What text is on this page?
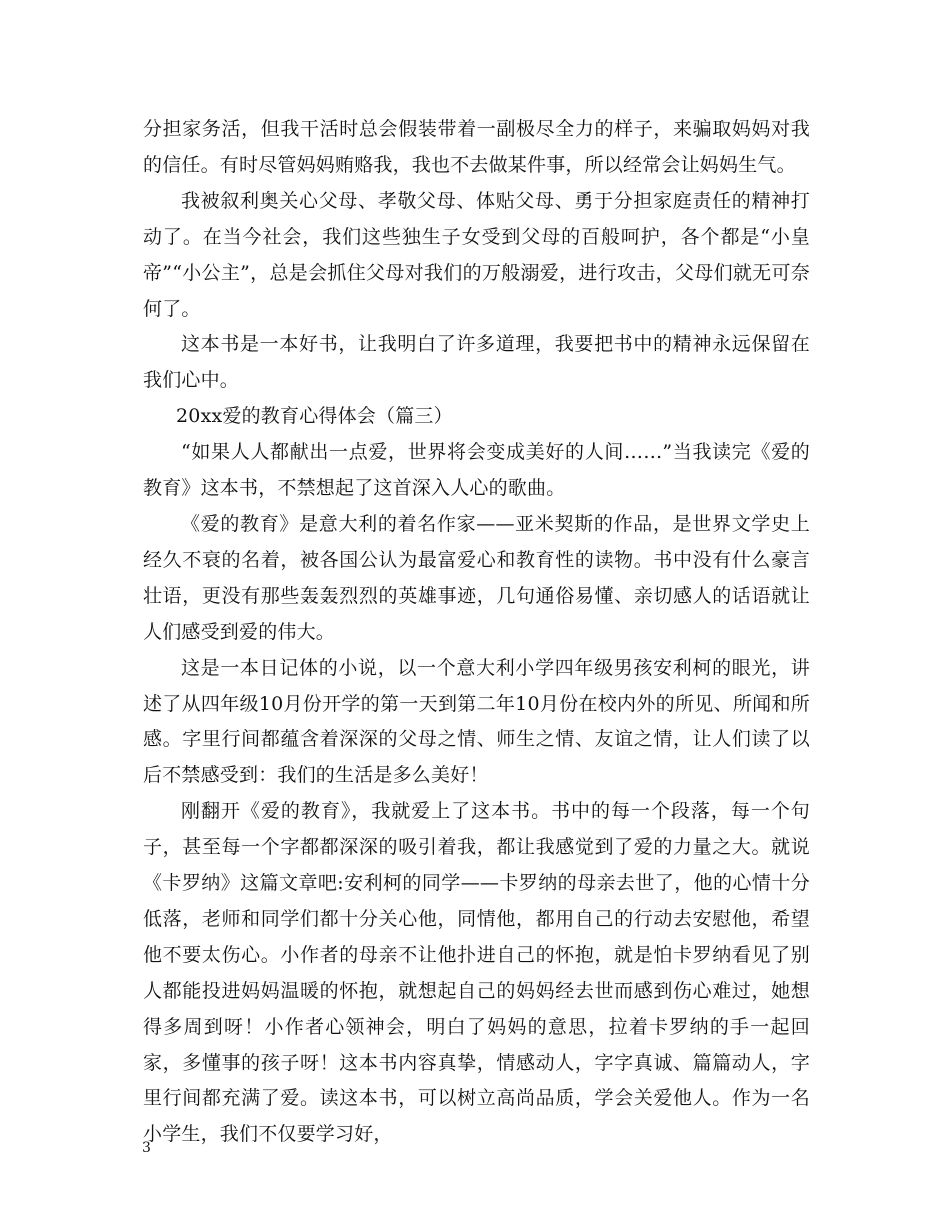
分担家务活，但我干活时总会假装带着一副极尽全力的样子，来骗取妈妈对我的信任。有时尽管妈妈贿赂我，我也不去做某件事，所以经常会让妈妈生气。

我被叙利奥关心父母、孝敬父母、体贴父母、勇于分担家庭责任的精神打动了。在当今社会，我们这些独生子女受到父母的百般呵护，各个都是“小皇帝”“小公主”，总是会抓住父母对我们的万般溺爱，进行攻击，父母们就无可奈何了。

这本书是一本好书，让我明白了许多道理，我要把书中的精神永远保留在我们心中。

20xx爱的教育心得体会（篇三）

“如果人人都献出一点爱，世界将会变成美好的人间……”当我读完《爱的教育》这本书，不禁想起了这首深入人心的歌曲。

《爱的教育》是意大利的着名作家——亚米契斯的作品，是世界文学史上经久不衰的名着，被各国公认为最富爱心和教育性的读物。书中没有什么豪言壮语，更没有那些轰轰烈烈的英雄事迹，几句通俗易懂、亲切感人的话语就让人们感受到爱的伟大。

这是一本日记体的小说，以一个意大利小学四年级男孩安利柯的眼光，讲述了从四年级10月份开学的第一天到第二年10月份在校内外的所见、所闻和所感。字里行间都蕴含着深深的父母之情、师生之情、友谊之情，让人们读了以后不禁感受到：我们的生活是多么美好！

刚翻开《爱的教育》，我就爱上了这本书。书中的每一个段落，每一个句子，甚至每一个字都都深深的吸引着我，都让我感觉到了爱的力量之大。就说《卡罗纳》这篇文章吧:安利柯的同学——卡罗纳的母亲去世了，他的心情十分低落，老师和同学们都十分关心他，同情他，都用自己的行动去安慰他，希望他不要太伤心。小作者的母亲不让他扑进自己的怀抱，就是怕卡罗纳看见了别人都能投进妈妈温暖的怀抱，就想起自己的妈妈经去世而感到伤心难过，她想得多周到呀！小作者心领神会，明白了妈妈的意思，拉着卡罗纳的手一起回家，多懂事的孩子呀！这本书内容真挚，情感动人，字字真诚、篇篇动人，字里行间都充满了爱。读这本书，可以树立高尚品质，学会关爱他人。作为一名小学生，我们不仅要学习好，

3
